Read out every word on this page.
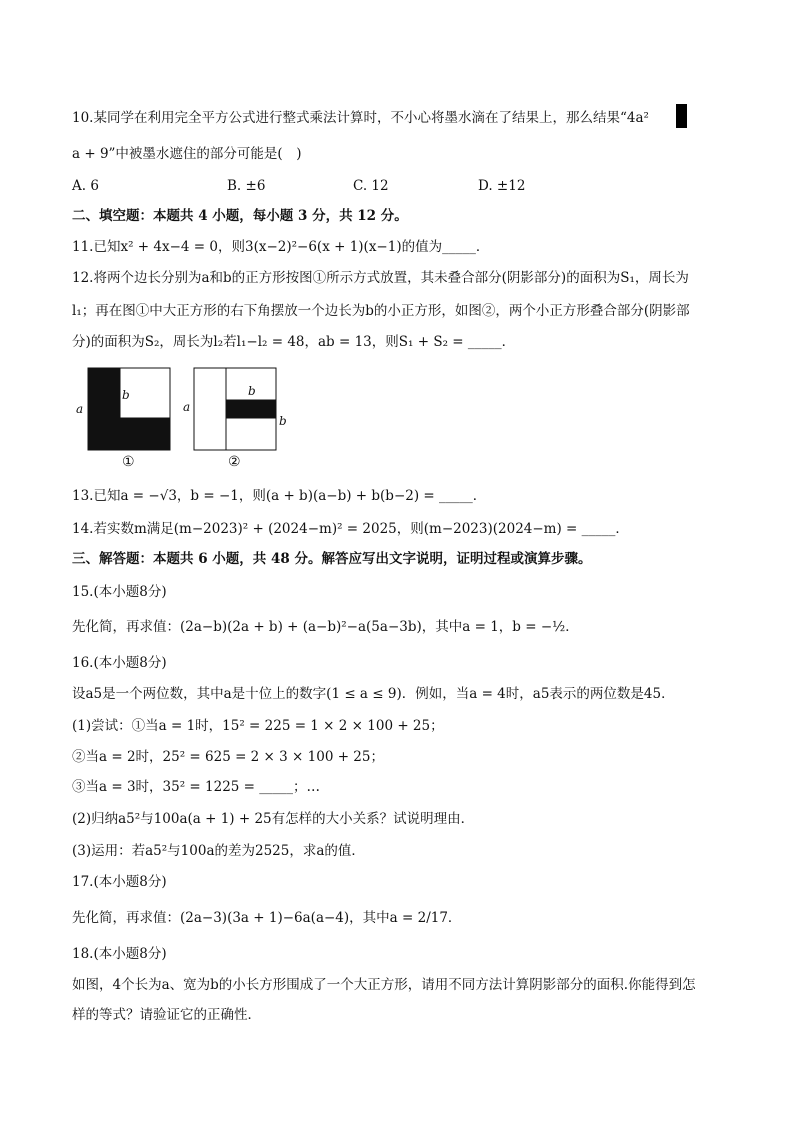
10.某同学在利用完全平方公式进行整式乘法计算时，不小心将墨水滴在了结果上，那么结果“4a²
a + 9”中被墨水遮住的部分可能是(　)
A. 6	B. ±6	C. 12	D. ±12
二、填空题：本题共 4 小题，每小题 3 分，共 12 分。
11.已知x² + 4x−4 = 0，则3(x−2)²−6(x + 1)(x−1)的值为_____．
12.将两个边长分别为a和b的正方形按图①所示方式放置，其未叠合部分(阴影部分)的面积为S₁，周长为
l₁；再在图①中大正方形的右下角摆放一个边长为b的小正方形，如图②，两个小正方形叠合部分(阴影部
分)的面积为S₂，周长为l₂若l₁−l₂ = 48，ab = 13，则S₁ + S₂ = _____．
a
b
①
a
b
b
②
13.已知a = −√3，b = −1，则(a + b)(a−b) + b(b−2) = _____．
14.若实数m满足(m−2023)² + (2024−m)² = 2025，则(m−2023)(2024−m) = _____．
三、解答题：本题共 6 小题，共 48 分。解答应写出文字说明，证明过程或演算步骤。
15.(本小题8分)
先化简，再求值：(2a−b)(2a + b) + (a−b)²−a(5a−3b)，其中a = 1，b = −½．
16.(本小题8分)
设a5是一个两位数，其中a是十位上的数字(1 ≤ a ≤ 9)．例如，当a = 4时，a5表示的两位数是45．
(1)尝试：①当a = 1时，15² = 225 = 1 × 2 × 100 + 25；
②当a = 2时，25² = 625 = 2 × 3 × 100 + 25；
③当a = 3时，35² = 1225 = _____；…
(2)归纳a5²与100a(a + 1) + 25有怎样的大小关系？试说明理由．
(3)运用：若a5²与100a的差为2525，求a的值．
17.(本小题8分)
先化简，再求值：(2a−3)(3a + 1)−6a(a−4)，其中a = 2/17．
18.(本小题8分)
如图，4个长为a、宽为b的小长方形围成了一个大正方形，请用不同方法计算阴影部分的面积.你能得到怎
样的等式？请验证它的正确性．
